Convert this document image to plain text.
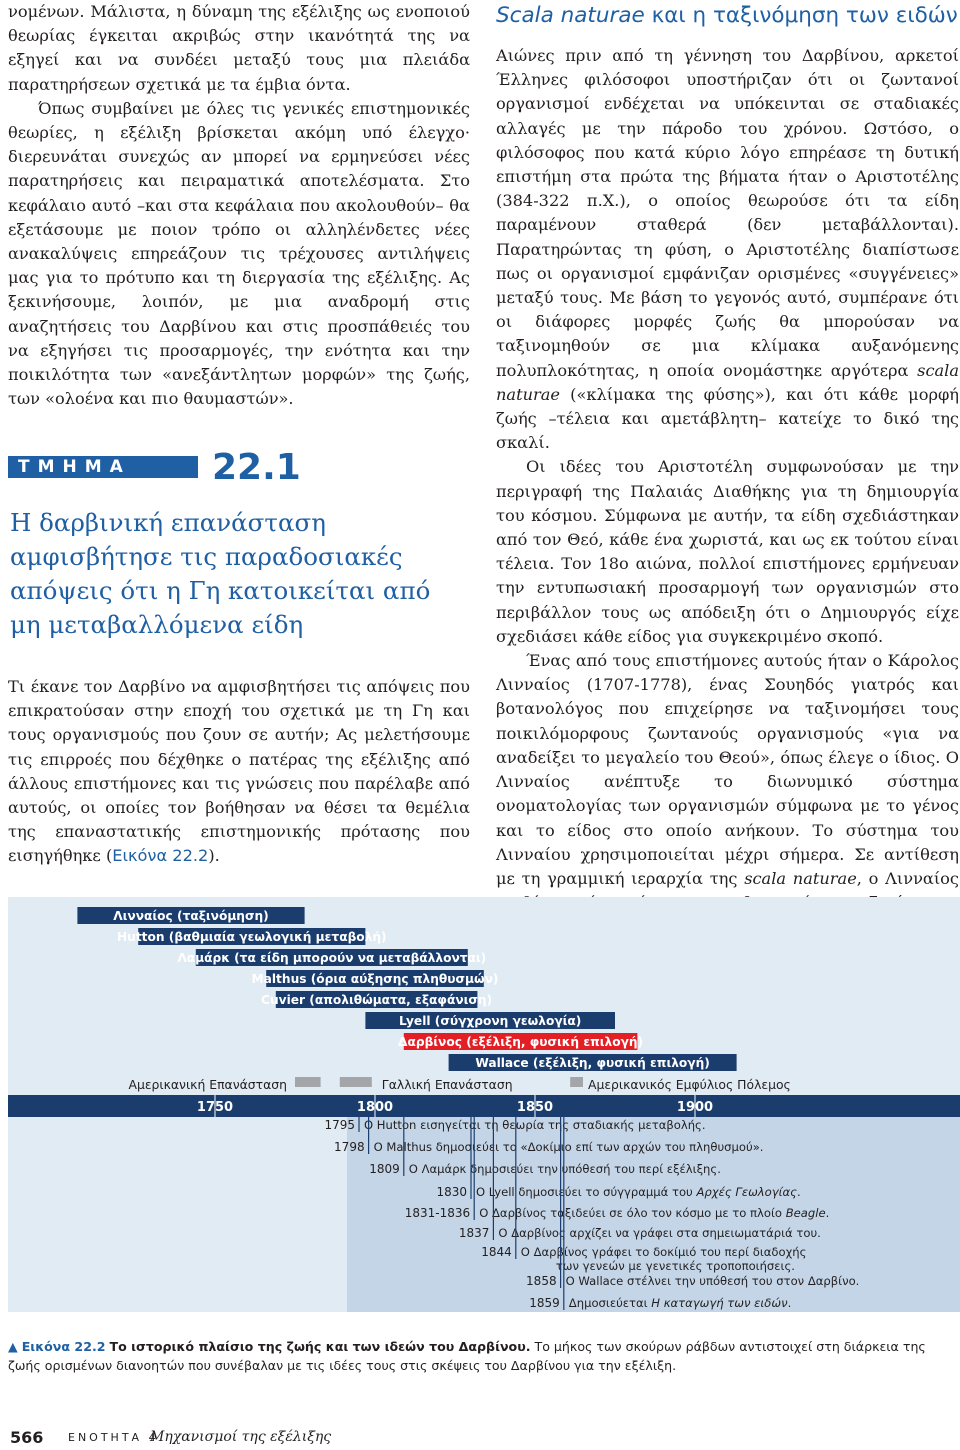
νομένων. Μάλιστα, η δύναμη της εξέλιξης ως ενοποιού θεωρίας έγκειται ακριβώς στην ικανότητά της να εξηγεί και να συνδέει μεταξύ τους μια πλειάδα παρατηρήσεων σχετικά με τα έμβια όντα.

Όπως συμβαίνει με όλες τις γενικές επιστημονικές θεωρίες, η εξέλιξη βρίσκεται ακόμη υπό έλεγχο· διερευνάται συνεχώς αν μπορεί να ερμηνεύσει νέες παρατηρήσεις και πειραματικά αποτελέσματα. Στο κεφάλαιο αυτό –και στα κεφάλαια που ακολουθούν– θα εξετάσουμε με ποιον τρόπο οι αλληλένδετες νέες ανακαλύψεις επηρεάζουν τις τρέχουσες αντιλήψεις μας για το πρότυπο και τη διεργασία της εξέλιξης. Ας ξεκινήσουμε, λοιπόν, με μια αναδρομή στις αναζητήσεις του Δαρβίνου και στις προσπάθειές του να εξηγήσει τις προσαρμογές, την ενότητα και την ποικιλότητα των «ανεξάντλητων μορφών» της ζωής, των «ολοένα και πιο θαυμαστών».

ΤΜΗΜΑ 22.1
Η δαρβινική επανάσταση αμφισβήτησε τις παραδοσιακές απόψεις ότι η Γη κατοικείται από μη μεταβαλλόμενα είδη

Τι έκανε τον Δαρβίνο να αμφισβητήσει τις απόψεις που επικρατούσαν στην εποχή του σχετικά με τη Γη και τους οργανισμούς που ζουν σε αυτήν; Ας μελετήσουμε τις επιρροές που δέχθηκε ο πατέρας της εξέλιξης από άλλους επιστήμονες και τις γνώσεις που παρέλαβε από αυτούς, οι οποίες τον βοήθησαν να θέσει τα θεμέλια της επαναστατικής επιστημονικής πρότασης που εισηγήθηκε (Εικόνα 22.2).

Scala naturae και η ταξινόμηση των ειδών

Αιώνες πριν από τη γέννηση του Δαρβίνου, αρκετοί Έλληνες φιλόσοφοι υποστήριζαν ότι οι ζωντανοί οργανισμοί ενδέχεται να υπόκεινται σε σταδιακές αλλαγές με την πάροδο του χρόνου. Ωστόσο, ο φιλόσοφος που κατά κύριο λόγο επηρέασε τη δυτική επιστήμη στα πρώτα της βήματα ήταν ο Αριστοτέλης (384-322 π.Χ.), ο οποίος θεωρούσε ότι τα είδη παραμένουν σταθερά (δεν μεταβάλλονται). Παρατηρώντας τη φύση, ο Αριστοτέλης διαπίστωσε πως οι οργανισμοί εμφάνιζαν ορισμένες «συγγένειες» μεταξύ τους. Με βάση το γεγονός αυτό, συμπέρανε ότι οι διάφορες μορφές ζωής θα μπορούσαν να ταξινομηθούν σε μια κλίμακα αυξανόμενης πολυπλοκότητας, η οποία ονομάστηκε αργότερα scala naturae («κλίμακα της φύσης»), και ότι κάθε μορφή ζωής –τέλεια και αμετάβλητη– κατείχε το δικό της σκαλί.

Οι ιδέες του Αριστοτέλη συμφωνούσαν με την περιγραφή της Παλαιάς Διαθήκης για τη δημιουργία του κόσμου. Σύμφωνα με αυτήν, τα είδη σχεδιάστηκαν από τον Θεό, κάθε ένα χωριστά, και ως εκ τούτου είναι τέλεια. Τον 18ο αιώνα, πολλοί επιστήμονες ερμήνευαν την εντυπωσιακή προσαρμογή των οργανισμών στο περιβάλλον τους ως απόδειξη ότι ο Δημιουργός είχε σχεδιάσει κάθε είδος για συγκεκριμένο σκοπό.

Ένας από τους επιστήμονες αυτούς ήταν ο Κάρολος Λινναίος (1707-1778), ένας Σουηδός γιατρός και βοτανολόγος που επιχείρησε να ταξινομήσει τους ποικιλόμορφους ζωντανούς οργανισμούς «για να αναδείξει το μεγαλείο του Θεού», όπως έλεγε ο ίδιος. Ο Λινναίος ανέπτυξε το διωνυμικό σύστημα ονοματολογίας των οργανισμών σύμφωνα με το γένος και το είδος στο οποίο ανήκουν. Το σύστημα του Λινναίου χρησιμοποιείται μέχρι σήμερα. Σε αντίθεση με τη γραμμική ιεραρχία της scala naturae, ο Λινναίος

Λινναίος (ταξινόμηση)
Hutton (βαθμιαία γεωλογική μεταβολή)
Λαμάρκ (τα είδη μπορούν να μεταβάλλονται)
Malthus (όρια αύξησης πληθυσμών)
Cuvier (απολιθώματα, εξαφάνιση)
Lyell (σύγχρονη γεωλογία)
Δαρβίνος (εξέλιξη, φυσική επιλογή)
Wallace (εξέλιξη, φυσική επιλογή)
Αμερικανική Επανάσταση	Γαλλική Επανάσταση	Αμερικανικός Εμφύλιος Πόλεμος
1750	1800	1850	1900
1795 Ο Hutton εισηγείται τη θεωρία της σταδιακής μεταβολής.
1798 Ο Malthus δημοσιεύει το «Δοκίμιο επί των αρχών του πληθυσμού».
1809 Ο Λαμάρκ δημοσιεύει την υπόθεσή του περί εξέλιξης.
1830 Ο Lyell δημοσιεύει το σύγγραμμά του Αρχές Γεωλογίας.
1831-1836 Ο Δαρβίνος ταξιδεύει σε όλο τον κόσμο με το πλοίο Beagle.
1837 Ο Δαρβίνος αρχίζει να γράφει στα σημειωματάριά του.
1844 Ο Δαρβίνος γράφει το δοκίμιό του περί διαδοχής
των γενεών με γενετικές τροποποιήσεις.
1858 Ο Wallace στέλνει την υπόθεσή του στον Δαρβίνο.
1859 Δημοσιεύεται Η καταγωγή των ειδών.
▲ Εικόνα 22.2 Το ιστορικό πλαίσιο της ζωής και των ιδεών του Δαρβίνου. Το μήκος των σκούρων ράβδων αντιστοιχεί στη διάρκεια της ζωής ορισμένων διανοητών που συνέβαλαν με τις ιδέες τους στις σκέψεις του Δαρβίνου για την εξέλιξη.
566 ΕΝΟΤΗΤΑ 4
Μηχανισμοί της εξέλιξης
